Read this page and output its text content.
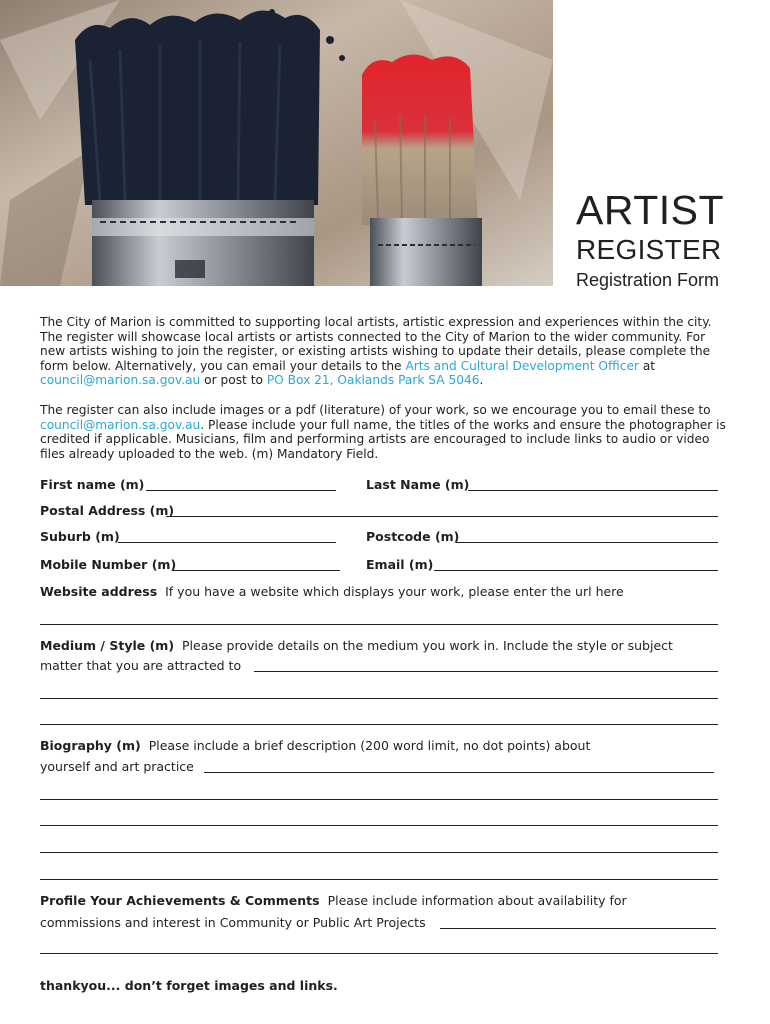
ARTIST
REGISTER
Registration Form

The City of Marion is committed to supporting local artists, artistic expression and experiences within the city. The register will showcase local artists or artists connected to the City of Marion to the wider community. For new artists wishing to join the register, or existing artists wishing to update their details, please complete the form below. Alternatively, you can email your details to the Arts and Cultural Development Officer at council@marion.sa.gov.au or post to PO Box 21, Oaklands Park SA 5046.

The register can also include images or a pdf (literature) of your work, so we encourage you to email these to council@marion.sa.gov.au. Please include your full name, the titles of the works and ensure the photographer is credited if applicable. Musicians, film and performing artists are encouraged to include links to audio or video files already uploaded to the web. (m) Mandatory Field.

First name (m)	Last Name (m)
Postal Address (m)
Suburb (m)	Postcode (m)
Mobile Number (m)	Email (m)
Website address If you have a website which displays your work, please enter the url here
Medium / Style (m) Please provide details on the medium you work in. Include the style or subject
matter that you are attracted to
Biography (m) Please include a brief description (200 word limit, no dot points) about
yourself and art practice
Profile Your Achievements & Comments Please include information about availability for
commissions and interest in Community or Public Art Projects
thankyou... don’t forget images and links.
